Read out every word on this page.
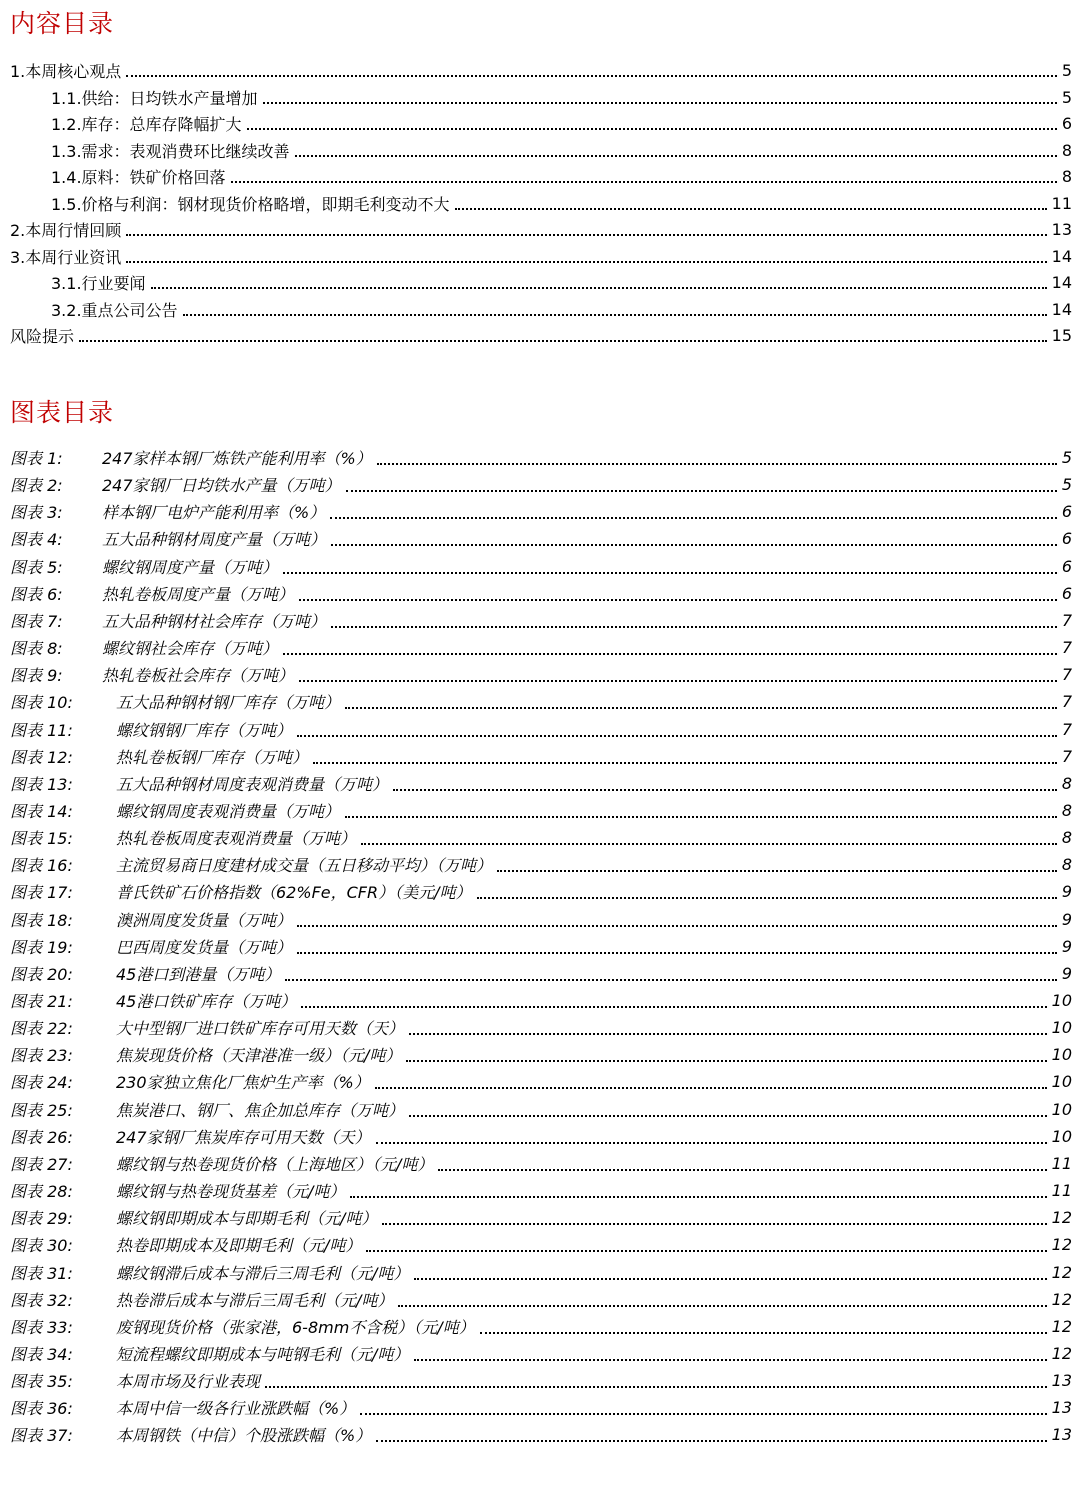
内容目录
1.本周核心观点	5
1.1.供给：日均铁水产量增加	5
1.2.库存：总库存降幅扩大	6
1.3.需求：表观消费环比继续改善	8
1.4.原料：铁矿价格回落	8
1.5.价格与利润：钢材现货价格略增，即期毛利变动不大	11
2.本周行情回顾	13
3.本周行业资讯	14
3.1.行业要闻	14
3.2.重点公司公告	14
风险提示	15
图表目录
图表 1:	247家样本钢厂炼铁产能利用率（%）	5
图表 2:	247家钢厂日均铁水产量（万吨）	5
图表 3:	样本钢厂电炉产能利用率（%）	6
图表 4:	五大品种钢材周度产量（万吨）	6
图表 5:	螺纹钢周度产量（万吨）	6
图表 6:	热轧卷板周度产量（万吨）	6
图表 7:	五大品种钢材社会库存（万吨）	7
图表 8:	螺纹钢社会库存（万吨）	7
图表 9:	热轧卷板社会库存（万吨）	7
图表 10:	五大品种钢材钢厂库存（万吨）	7
图表 11:	螺纹钢钢厂库存（万吨）	7
图表 12:	热轧卷板钢厂库存（万吨）	7
图表 13:	五大品种钢材周度表观消费量（万吨）	8
图表 14:	螺纹钢周度表观消费量（万吨）	8
图表 15:	热轧卷板周度表观消费量（万吨）	8
图表 16:	主流贸易商日度建材成交量（五日移动平均）（万吨）	8
图表 17:	普氏铁矿石价格指数（62%Fe，CFR）（美元/吨）	9
图表 18:	澳洲周度发货量（万吨）	9
图表 19:	巴西周度发货量（万吨）	9
图表 20:	45港口到港量（万吨）	9
图表 21:	45港口铁矿库存（万吨）	10
图表 22:	大中型钢厂进口铁矿库存可用天数（天）	10
图表 23:	焦炭现货价格（天津港准一级）（元/吨）	10
图表 24:	230家独立焦化厂焦炉生产率（%）	10
图表 25:	焦炭港口、钢厂、焦企加总库存（万吨）	10
图表 26:	247家钢厂焦炭库存可用天数（天）	10
图表 27:	螺纹钢与热卷现货价格（上海地区）（元/吨）	11
图表 28:	螺纹钢与热卷现货基差（元/吨）	11
图表 29:	螺纹钢即期成本与即期毛利（元/吨）	12
图表 30:	热卷即期成本及即期毛利（元/吨）	12
图表 31:	螺纹钢滞后成本与滞后三周毛利（元/吨）	12
图表 32:	热卷滞后成本与滞后三周毛利（元/吨）	12
图表 33:	废钢现货价格（张家港，6-8mm不含税）（元/吨）	12
图表 34:	短流程螺纹即期成本与吨钢毛利（元/吨）	12
图表 35:	本周市场及行业表现	13
图表 36:	本周中信一级各行业涨跌幅（%）	13
图表 37:	本周钢铁（中信）个股涨跌幅（%）	13
